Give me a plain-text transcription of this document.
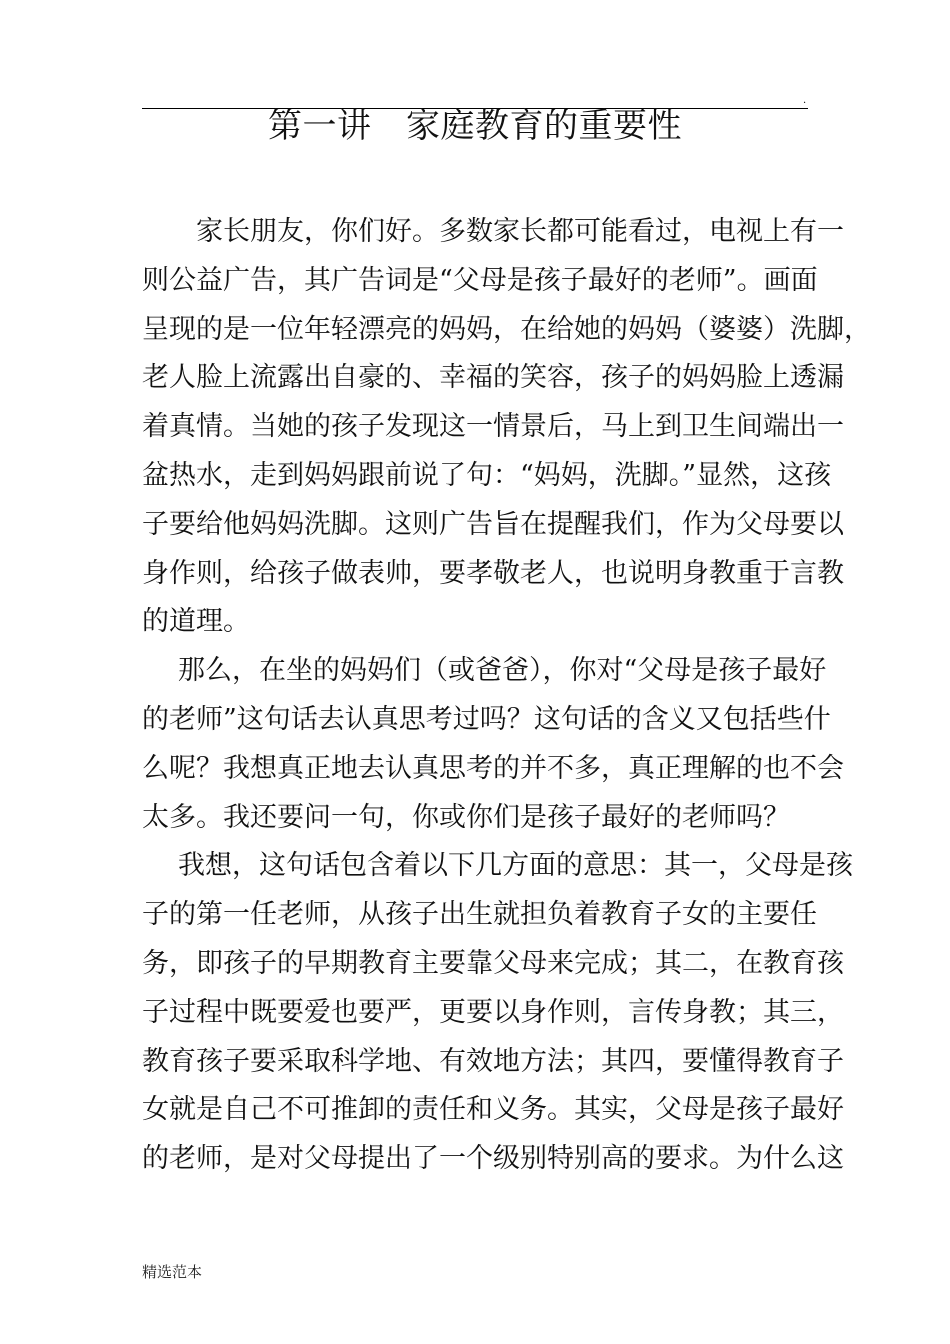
.
第一讲　家庭教育的重要性
家长朋友，你们好。多数家长都可能看过，电视上有一
则公益广告，其广告词是“父母是孩子最好的老师”。画面
呈现的是一位年轻漂亮的妈妈，在给她的妈妈（婆婆）洗脚，
老人脸上流露出自豪的、幸福的笑容，孩子的妈妈脸上透漏
着真情。当她的孩子发现这一情景后，马上到卫生间端出一
盆热水，走到妈妈跟前说了句：“妈妈，洗脚。”显然，这孩
子要给他妈妈洗脚。这则广告旨在提醒我们，作为父母要以
身作则，给孩子做表帅，要孝敬老人，也说明身教重于言教
的道理。
那么，在坐的妈妈们（或爸爸），你对“父母是孩子最好
的老师”这句话去认真思考过吗？这句话的含义又包括些什
么呢？我想真正地去认真思考的并不多，真正理解的也不会
太多。我还要问一句，你或你们是孩子最好的老师吗？
我想，这句话包含着以下几方面的意思：其一，父母是孩
子的第一任老师，从孩子出生就担负着教育子女的主要任
务，即孩子的早期教育主要靠父母来完成；其二，在教育孩
子过程中既要爱也要严，更要以身作则，言传身教；其三，
教育孩子要采取科学地、有效地方法；其四，要懂得教育子
女就是自己不可推卸的责任和义务。其实，父母是孩子最好
的老师，是对父母提出了一个级别特别高的要求。为什么这
精选范本
